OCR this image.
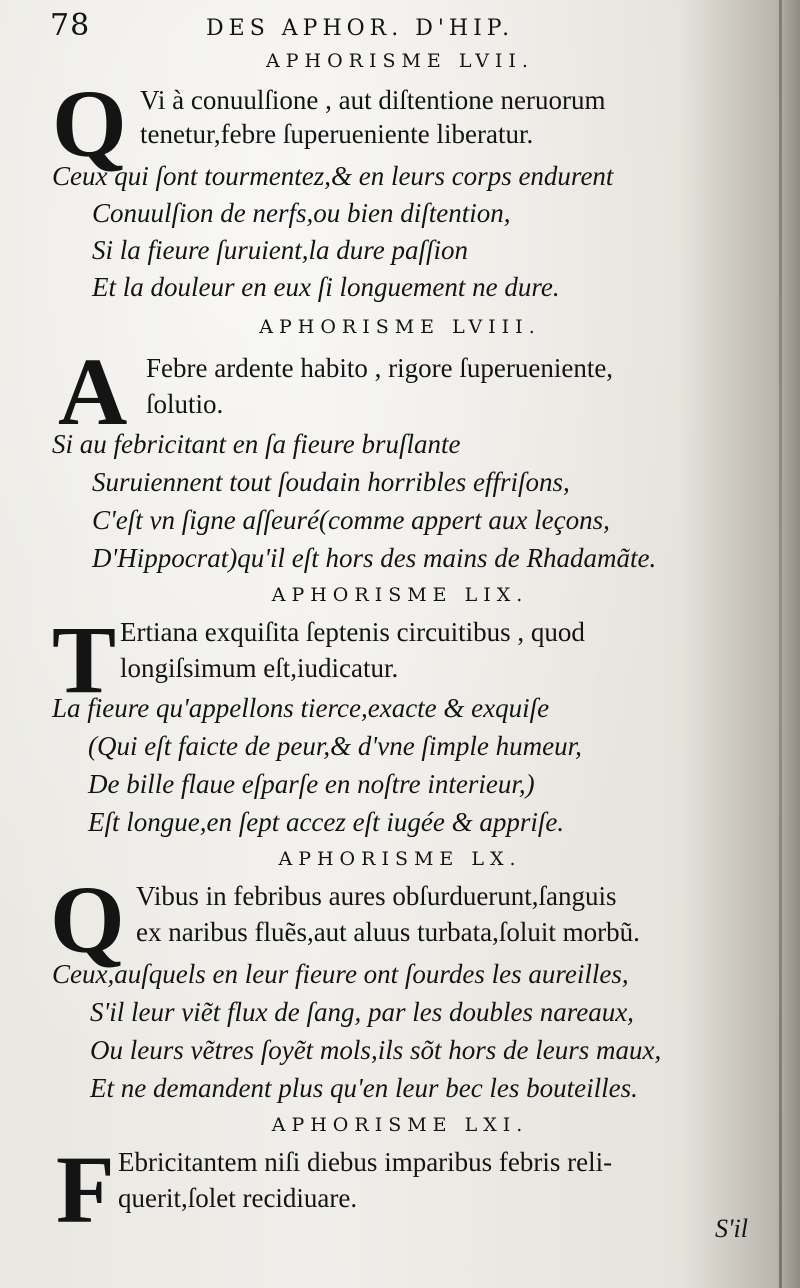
78	DES APHOR. D'HIP.
APHORISME LVII.
Q Vi à conuulſione , aut diſtentione neruorum
tenetur,febre ſuperueniente liberatur.
Ceux qui ſont tourmentez,& en leurs corps endurent
Conuulſion de nerfs,ou bien diſtention,
Si la fieure ſuruient,la dure paſſion
Et la douleur en eux ſi longuement ne dure.
APHORISME LVIII.
A Febre ardente habito , rigore ſuperueniente,
ſolutio.
Si au febricitant en ſa fieure bruſlante
Suruiennent tout ſoudain horribles effriſons,
C'eſt vn ſigne aſſeuré(comme appert aux leçons,
D'Hippocrat)qu'il eſt hors des mains de Rhadamãte.
APHORISME LIX.
T Ertiana exquiſita ſeptenis circuitibus , quod
longiſsimum eſt,iudicatur.
La fieure qu'appellons tierce,exacte & exquiſe
(Qui eſt faicte de peur,& d'vne ſimple humeur,
De bille flaue eſparſe en noſtre interieur,)
Eſt longue,en ſept accez eſt iugée & appriſe.
APHORISME LX.
Q Vibus in febribus aures obſurduerunt,ſanguis
ex naribus fluẽs,aut aluus turbata,ſoluit morbũ.
Ceux,auſquels en leur fieure ont ſourdes les aureilles,
S'il leur viẽt flux de ſang, par les doubles nareaux,
Ou leurs vẽtres ſoyẽt mols,ils sõt hors de leurs maux,
Et ne demandent plus qu'en leur bec les bouteilles.
APHORISME LXI.
F Ebricitantem niſi diebus imparibus febris reli-
querit,ſolet recidiuare.
S'il
